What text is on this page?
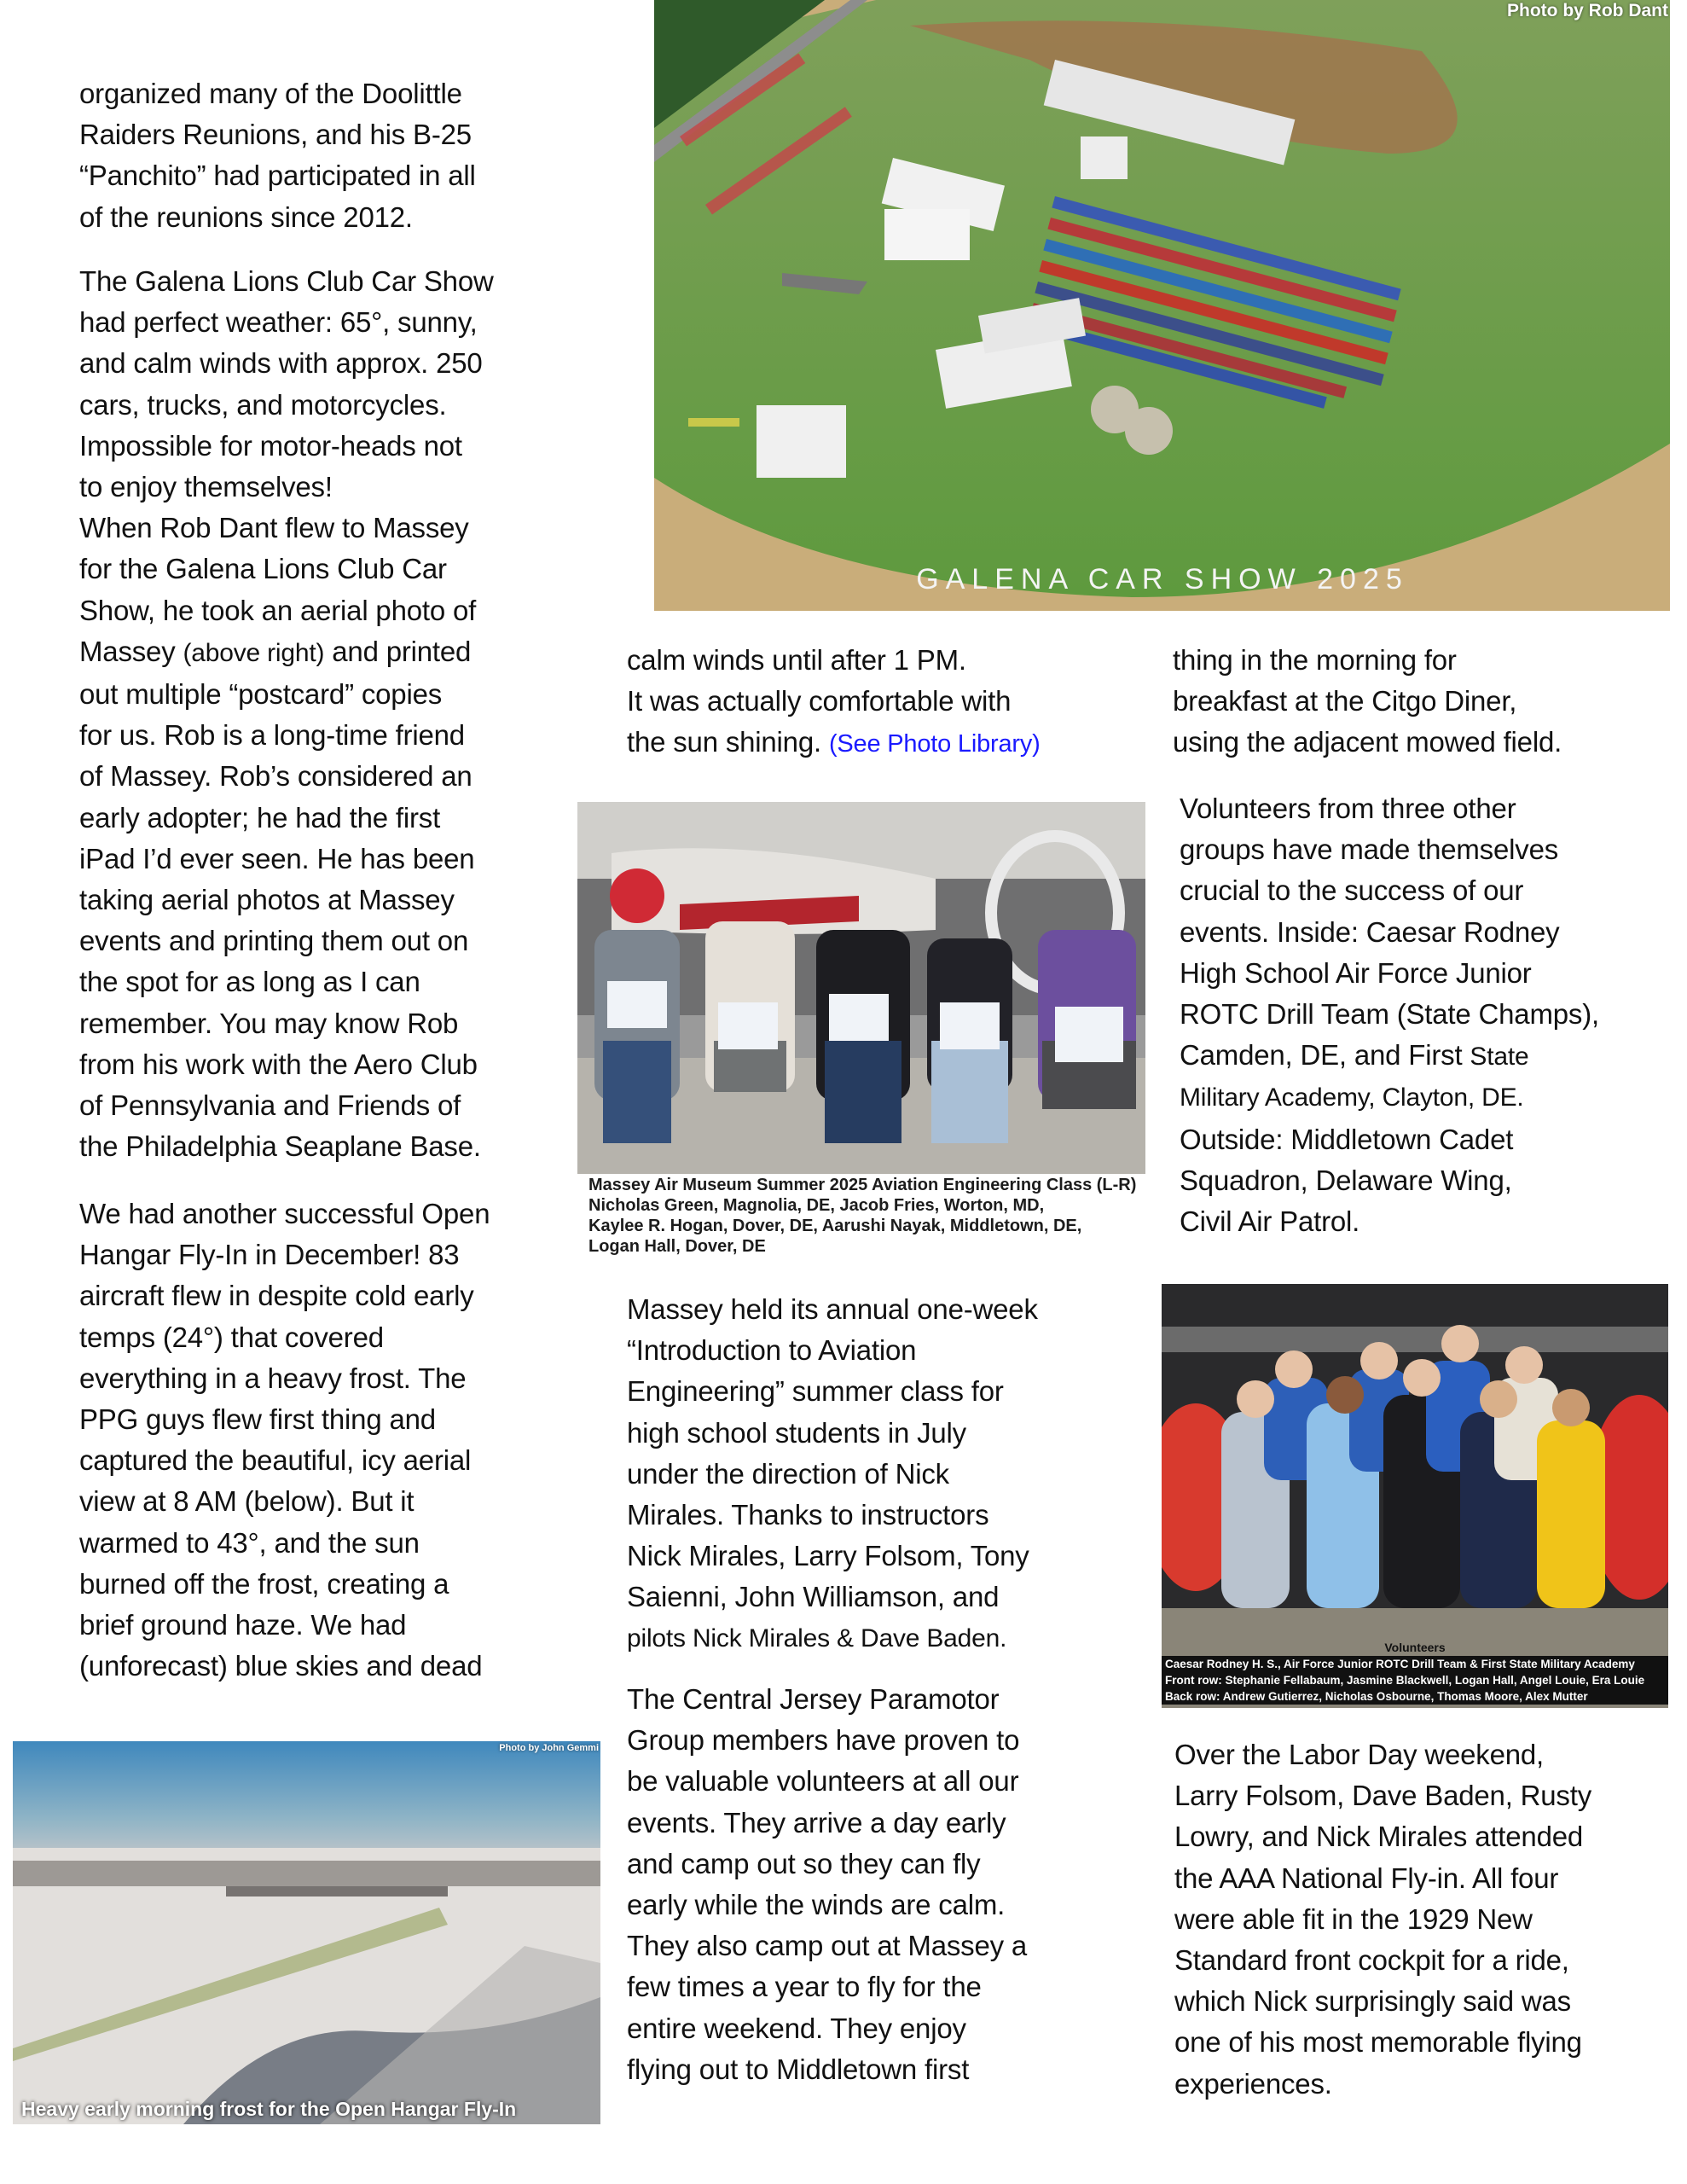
organized many of the Doolittle
Raiders Reunions, and his B-25
“Panchito” had participated in all
of the reunions since 2012.
The Galena Lions Club Car Show
had perfect weather: 65°, sunny,
and calm winds with approx. 250
cars, trucks, and motorcycles.
Impossible for motor-heads not
to enjoy themselves!
When Rob Dant flew to Massey
for the Galena Lions Club Car
Show, he took an aerial photo of
Massey (above right) and printed
out multiple “postcard” copies
for us. Rob is a long-time friend
of Massey. Rob’s considered an
early adopter; he had the first
iPad I’d ever seen. He has been
taking aerial photos at Massey
events and printing them out on
the spot for as long as I can
remember. You may know Rob
from his work with the Aero Club
of Pennsylvania and Friends of
the Philadelphia Seaplane Base.
We had another successful Open
Hangar Fly-In in December! 83
aircraft flew in despite cold early
temps (24°) that covered
everything in a heavy frost. The
PPG guys flew first thing and
captured the beautiful, icy aerial
view at 8 AM (below). But it
warmed to 43°, and the sun
burned off the frost, creating a
brief ground haze. We had
(unforecast) blue skies and dead
GALENA CAR SHOW 2025
Photo by Rob Dant
calm winds until after 1 PM.
It was actually comfortable with
the sun shining. (See Photo Library)
thing in the morning for
breakfast at the Citgo Diner,
using the adjacent mowed field.
Massey Air Museum Summer 2025 Aviation Engineering Class (L-R)
Nicholas Green, Magnolia, DE, Jacob Fries, Worton, MD,
Kaylee R. Hogan, Dover, DE, Aarushi Nayak, Middletown, DE,
Logan Hall, Dover, DE
Volunteers from three other
groups have made themselves
crucial to the success of our
events. Inside: Caesar Rodney
High School Air Force Junior
ROTC Drill Team (State Champs),
Camden, DE, and First State
Military Academy, Clayton, DE.
Outside: Middletown Cadet
Squadron, Delaware Wing,
Civil Air Patrol.
Massey held its annual one-week
“Introduction to Aviation
Engineering” summer class for
high school students in July
under the direction of Nick
Mirales. Thanks to instructors
Nick Mirales, Larry Folsom, Tony
Saienni, John Williamson, and
pilots Nick Mirales & Dave Baden.	Volunteers
Caesar Rodney H. S., Air Force Junior ROTC Drill Team & First State Military Academy
Front row: Stephanie Fellabaum, Jasmine Blackwell, Logan Hall, Angel Louie, Era Louie
Back row: Andrew Gutierrez, Nicholas Osbourne, Thomas Moore, Alex Mutter
The Central Jersey Paramotor
Group members have proven to
be valuable volunteers at all our
events. They arrive a day early
and camp out so they can fly
early while the winds are calm.
They also camp out at Massey a
few times a year to fly for the
entire weekend. They enjoy
flying out to Middletown first
Over the Labor Day weekend,
Larry Folsom, Dave Baden, Rusty
Lowry, and Nick Mirales attended
the AAA National Fly-in. All four
were able fit in the 1929 New
Standard front cockpit for a ride,
which Nick surprisingly said was
one of his most memorable flying
experiences.
Photo by John Gemmi
Heavy early morning frost for the Open Hangar Fly-In
